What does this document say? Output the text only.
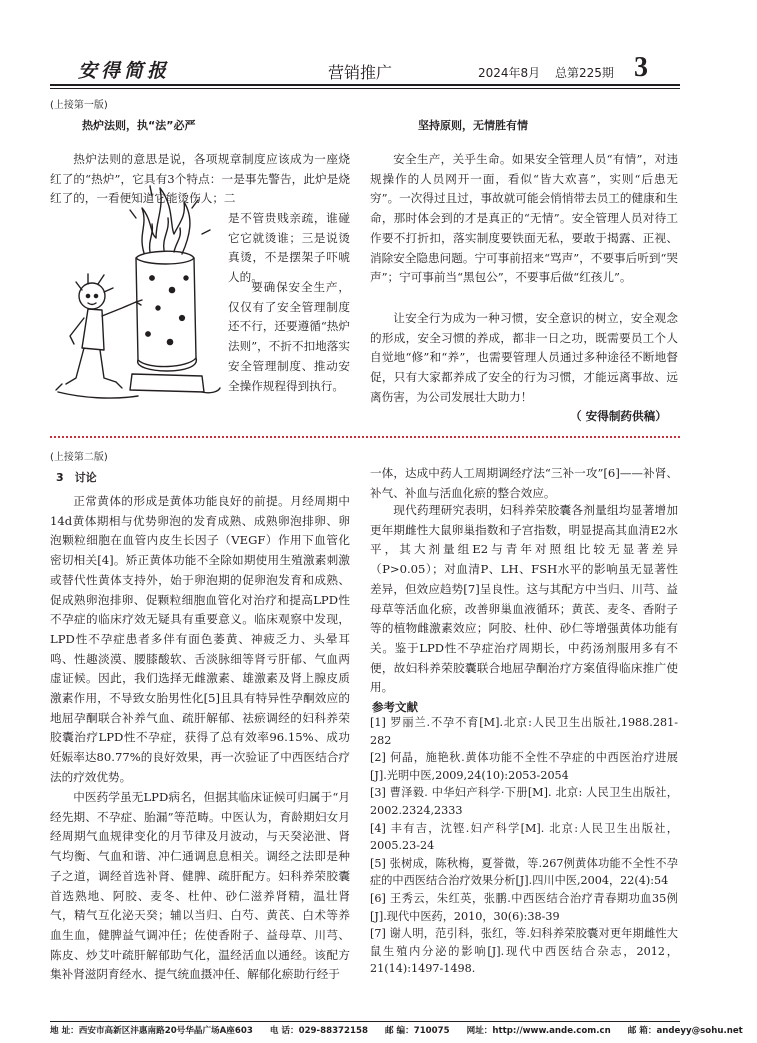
安得简报	营销推广	2024年8月 总第225期 3
(上接第一版)
热炉法则，执“法”必严
热炉法则的意思是说，各项规章制度应该成为一座烧红了的“热炉”，它具有3个特点：一是事先警告，此炉是烧红了的，一看便知道它能烫伤人；二
是不管贵贱亲疏，谁碰它它就烫谁；三是说烫真烫，不是摆架子吓唬人的。
要确保安全生产，仅仅有了安全管理制度还不行，还要遵循“热炉法则”，不折不扣地落实安全管理制度、推动安全操作规程得到执行。
坚持原则，无情胜有情
安全生产，关乎生命。如果安全管理人员“有情”，对违规操作的人员网开一面，看似“皆大欢喜”，实则“后患无穷”。一次得过且过，事故就可能会悄悄带去员工的健康和生命，那时体会到的才是真正的“无情”。安全管理人员对待工作要不打折扣，落实制度要铁面无私，要敢于揭露、正视、消除安全隐患问题。宁可事前招来“骂声”，不要事后听到“哭声”；宁可事前当“黑包公”，不要事后做“红孩儿”。
让安全行为成为一种习惯，安全意识的树立，安全观念的形成，安全习惯的养成，都非一日之功，既需要员工个人自觉地“修”和“养”，也需要管理人员通过多种途径不断地督促，只有大家都养成了安全的行为习惯，才能远离事故、远离伤害，为公司发展壮大助力！
（ 安得制药供稿）
(上接第二版)
3　讨论
正常黄体的形成是黄体功能良好的前提。月经周期中14d黄体期相与优势卵泡的发育成熟、成熟卵泡排卵、卵泡颗粒细胞在血管内皮生长因子（VEGF）作用下血管化密切相关[4]。矫正黄体功能不全除如期使用生殖激素刺激或替代性黄体支持外，始于卵泡期的促卵泡发育和成熟、促成熟卵泡排卵、促颗粒细胞血管化对治疗和提高LPD性不孕症的临床疗效无疑具有重要意义。临床观察中发现，LPD性不孕症患者多伴有面色萎黄、神疲乏力、头晕耳鸣、性趣淡漠、腰膝酸软、舌淡脉细等肾亏肝郁、气血两虚证候。因此，我们选择无雌激素、雄激素及肾上腺皮质激素作用，不导致女胎男性化[5]且具有特异性孕酮效应的地屈孕酮联合补养气血、疏肝解郁、祛瘀调经的妇科养荣胶囊治疗LPD性不孕症，获得了总有效率96.15%、成功妊娠率达80.77%的良好效果，再一次验证了中西医结合疗法的疗效优势。
中医药学虽无LPD病名，但据其临床证候可归属于“月经先期、不孕症、胎漏”等范畴。中医认为，育龄期妇女月经周期气血规律变化的月节律及月波动，与天癸泌泄、肾气均衡、气血和谐、冲仁通调息息相关。调经之法即是种子之道，调经首选补肾、健脾、疏肝配方。妇科养荣胶囊首选熟地、阿胶、麦冬、杜仲、砂仁滋养肾精，温壮肾气，精气互化泌天癸；辅以当归、白芍、黄芪、白术等养血生血，健脾益气调冲任；佐使香附子、益母草、川芎、陈皮、炒艾叶疏肝解郁助气化，温经活血以通经。该配方集补肾滋阴育经水、提气统血摄冲任、解郁化瘀助行经于
一体，达成中药人工周期调经疗法“三补一攻”[6]——补肾、补气、补血与活血化瘀的整合效应。
现代药理研究表明，妇科养荣胶囊各剂量组均显著增加更年期雌性大鼠卵巢指数和子宫指数，明显提高其血清E2水平，其大剂量组E2与青年对照组比较无显著差异（P>0.05）；对血清P、LH、FSH水平的影响虽无显著性差异，但效应趋势[7]呈良性。这与其配方中当归、川芎、益母草等活血化瘀，改善卵巢血液循环；黄芪、麦冬、香附子等的植物雌激素效应；阿胶、杜仲、砂仁等增强黄体功能有关。鉴于LPD性不孕症治疗周期长，中药汤剂服用多有不便，故妇科养荣胶囊联合地屈孕酮治疗方案值得临床推广使用。
参考文献
[1] 罗丽兰.不孕不育[M].北京:人民卫生出版社,1988.281-282
[2] 何晶，施艳秋.黄体功能不全性不孕症的中西医治疗进展[J].光明中医,2009,24(10):2053-2054
[3] 曹泽毅. 中华妇产科学·下册[M]. 北京: 人民卫生出版社，2002.2324,2333
[4] 丰有吉，沈铿.妇产科学[M]. 北京:人民卫生出版社，2005.23-24
[5] 张树成，陈秋梅，夏誉微，等.267例黄体功能不全性不孕症的中西医结合治疗效果分析[J].四川中医,2004，22(4):54
[6] 王秀云，朱红英，张鹏.中西医结合治疗青春期功血35例[J].现代中医药，2010，30(6):38-39
[7] 谢人明，范引科，张红，等.妇科养荣胶囊对更年期雌性大鼠生殖内分泌的影响[J].现代中西医结合杂志，2012，21(14):1497-1498.
地 址：西安市高新区沣惠南路20号华晶广场A座603 电 话：029-88372158 邮 编：710075 网址：http://www.ande.com.cn 邮 箱：andeyy@sohu.net
